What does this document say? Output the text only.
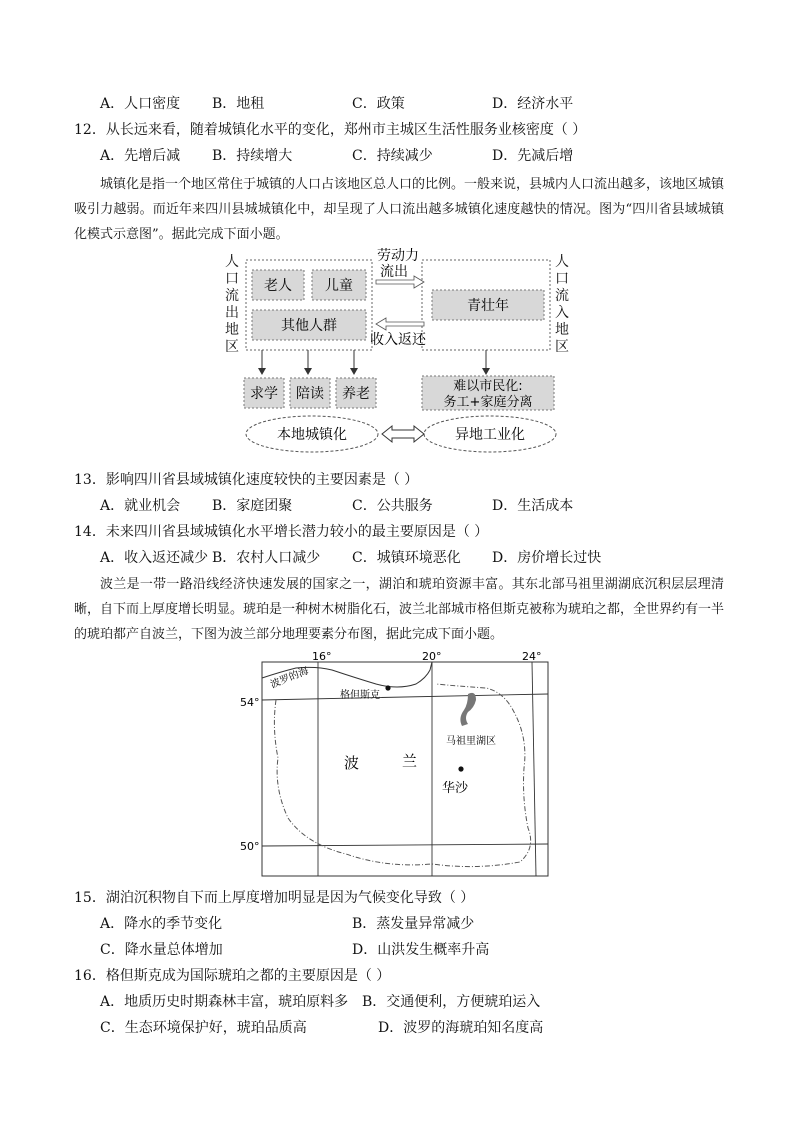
A．人口密度 B．地租	C．政策	D．经济水平
12．从长远来看，随着城镇化水平的变化，郑州市主城区生活性服务业核密度（ ）
A．先增后减 B．持续增大	C．持续减少	D．先减后增

城镇化是指一个地区常住于城镇的人口占该地区总人口的比例。一般来说，县城内人口流出越多，该地区城镇吸引力越弱。而近年来四川县城城镇化中，却呈现了人口流出越多城镇化速度越快的情况。图为“四川省县域城镇化模式示意图”。据此完成下面小题。

人
口
流
出
地
区
人
口
流
入
地
区
老人 儿童
其他人群
青壮年
劳动力
流出
收入返还
求学 陪读 养老	难以市民化:
务工+家庭分离
本地城镇化	异地工业化
13．影响四川省县域城镇化速度较快的主要因素是（ ）
A．就业机会 B．家庭团聚	C．公共服务	D．生活成本
14．未来四川省县域城镇化水平增长潜力较小的最主要原因是（ ）
A．收入返还减少 B．农村人口减少 C．城镇环境恶化 D．房价增长过快

波兰是一带一路沿线经济快速发展的国家之一，湖泊和琥珀资源丰富。其东北部马祖里湖湖底沉积层层理清晰，自下而上厚度增长明显。琥珀是一种树木树脂化石，波兰北部城市格但斯克被称为琥珀之都，全世界约有一半的琥珀都产自波兰，下图为波兰部分地理要素分布图，据此完成下面小题。

16°	20°	24°
54°
50°
波罗的海
格但斯克
马祖里湖区
波	兰
华沙
15．湖泊沉积物自下而上厚度增加明显是因为气候变化导致（ ）
A．降水的季节变化	B．蒸发量异常减少
C．降水量总体增加	D．山洪发生概率升高
16．格但斯克成为国际琥珀之都的主要原因是（ ）
A．地质历史时期森林丰富，琥珀原料多 B．交通便利，方便琥珀运入
C．生态环境保护好，琥珀品质高	D．波罗的海琥珀知名度高
